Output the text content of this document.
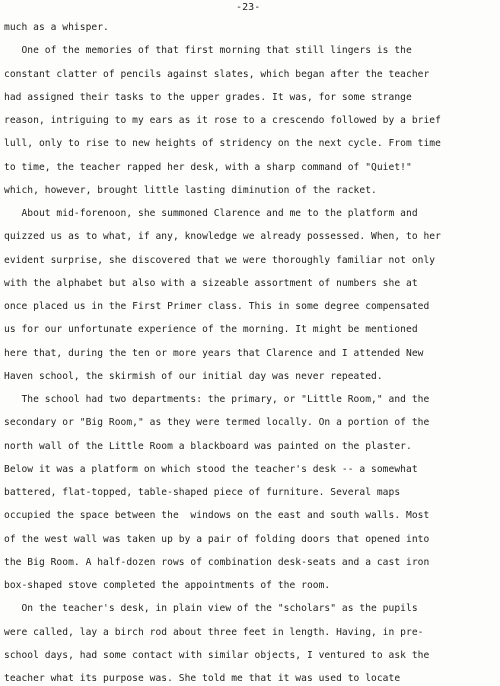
-23-
much as a whisper.
One of the memories of that first morning that still lingers is the
constant clatter of pencils against slates, which began after the teacher
had assigned their tasks to the upper grades. It was, for some strange
reason, intriguing to my ears as it rose to a crescendo followed by a brief
lull, only to rise to new heights of stridency on the next cycle. From time
to time, the teacher rapped her desk, with a sharp command of "Quiet!"
which, however, brought little lasting diminution of the racket.
About mid-forenoon, she summoned Clarence and me to the platform and
quizzed us as to what, if any, knowledge we already possessed. When, to her
evident surprise, she discovered that we were thoroughly familiar not only
with the alphabet but also with a sizeable assortment of numbers she at
once placed us in the First Primer class. This in some degree compensated
us for our unfortunate experience of the morning. It might be mentioned
here that, during the ten or more years that Clarence and I attended New
Haven school, the skirmish of our initial day was never repeated.
The school had two departments: the primary, or "Little Room," and the
secondary or "Big Room," as they were termed locally. On a portion of the
north wall of the Little Room a blackboard was painted on the plaster.
Below it was a platform on which stood the teacher's desk -- a somewhat
battered, flat-topped, table-shaped piece of furniture. Several maps
occupied the space between the  windows on the east and south walls. Most
of the west wall was taken up by a pair of folding doors that opened into
the Big Room. A half-dozen rows of combination desk-seats and a cast iron
box-shaped stove completed the appointments of the room.
On the teacher's desk, in plain view of the "scholars" as the pupils
were called, lay a birch rod about three feet in length. Having, in pre-
school days, had some contact with similar objects, I ventured to ask the
teacher what its purpose was. She told me that it was used to locate
